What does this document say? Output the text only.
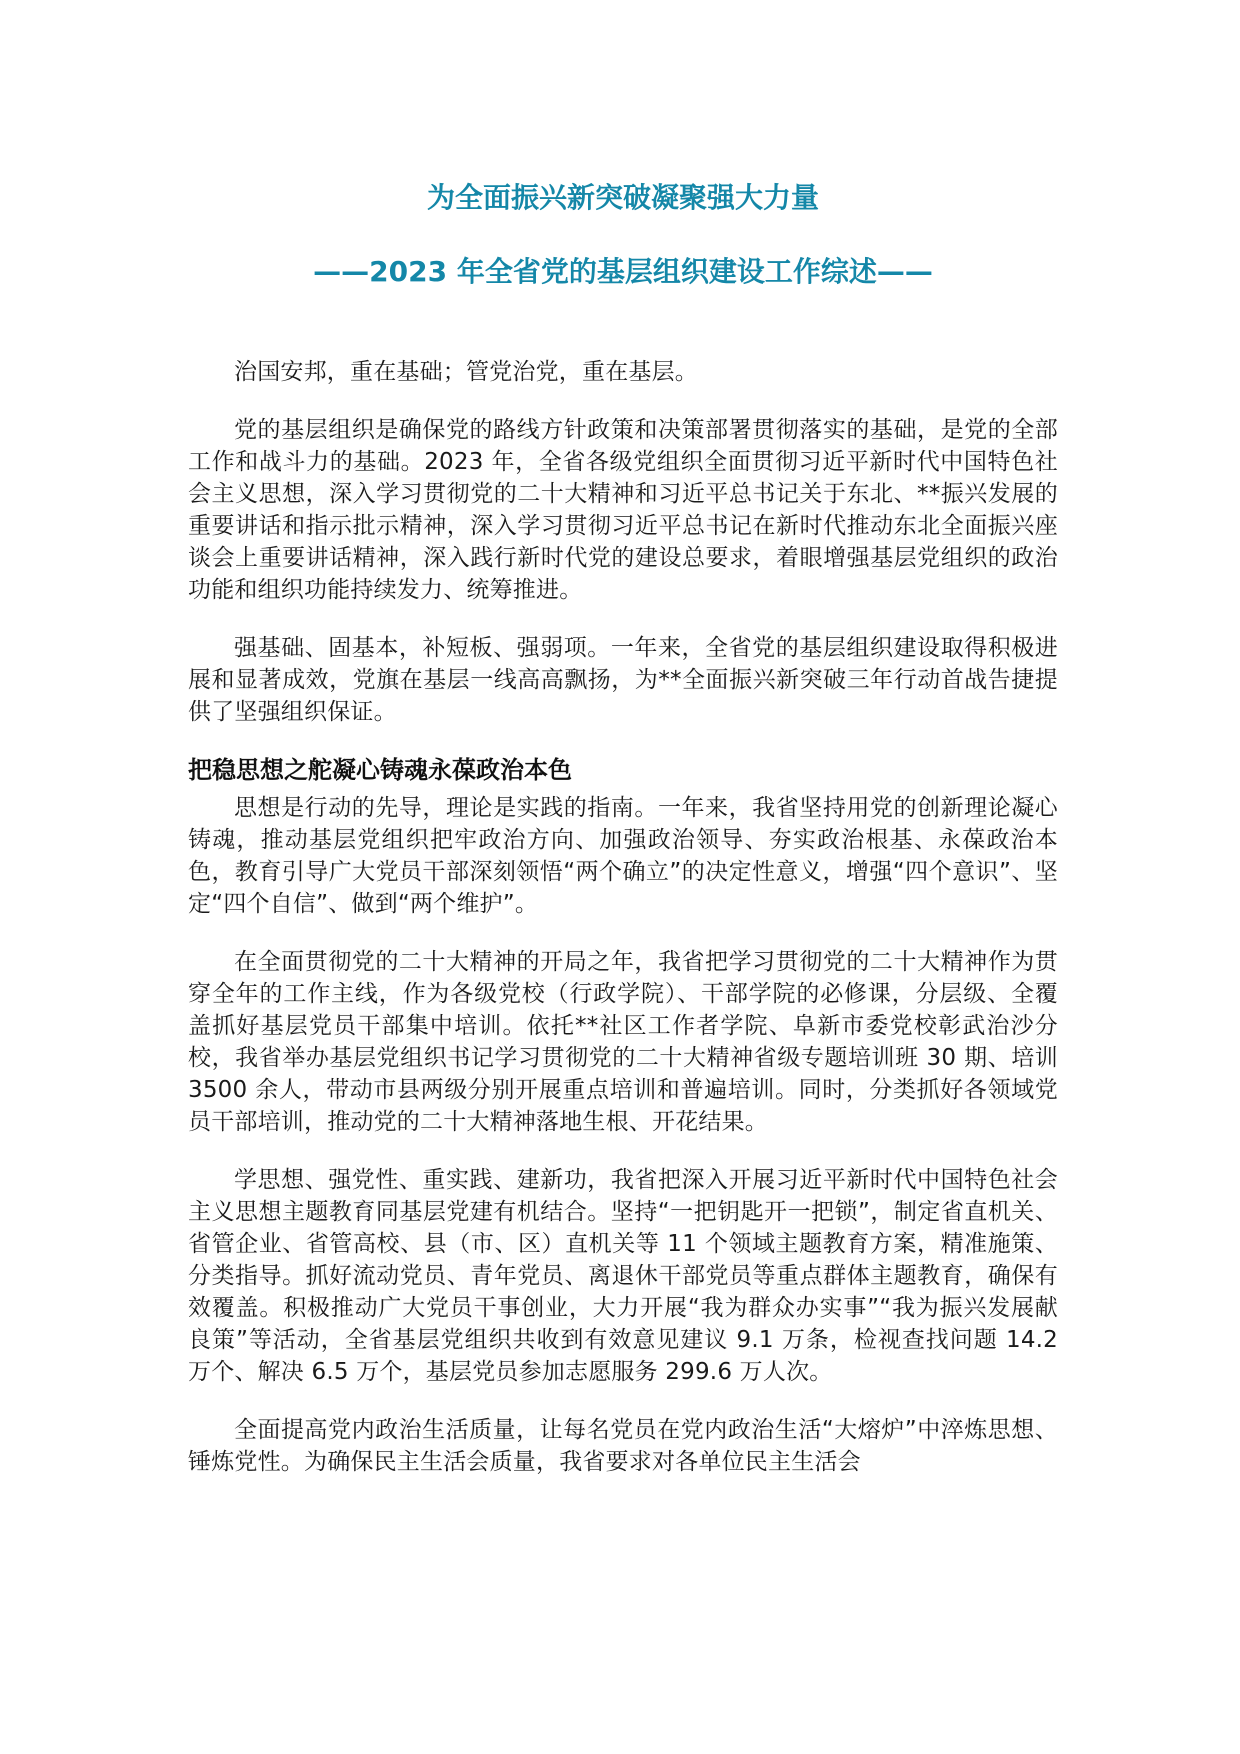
为全面振兴新突破凝聚强大力量
——2023 年全省党的基层组织建设工作综述——

治国安邦，重在基础；管党治党，重在基层。

党的基层组织是确保党的路线方针政策和决策部署贯彻落实的基础，是党的全部工作和战斗力的基础。2023 年，全省各级党组织全面贯彻习近平新时代中国特色社会主义思想，深入学习贯彻党的二十大精神和习近平总书记关于东北、**振兴发展的重要讲话和指示批示精神，深入学习贯彻习近平总书记在新时代推动东北全面振兴座谈会上重要讲话精神，深入践行新时代党的建设总要求，着眼增强基层党组织的政治功能和组织功能持续发力、统筹推进。

强基础、固基本，补短板、强弱项。一年来，全省党的基层组织建设取得积极进展和显著成效，党旗在基层一线高高飘扬，为**全面振兴新突破三年行动首战告捷提供了坚强组织保证。

把稳思想之舵凝心铸魂永葆政治本色

思想是行动的先导，理论是实践的指南。一年来，我省坚持用党的创新理论凝心铸魂，推动基层党组织把牢政治方向、加强政治领导、夯实政治根基、永葆政治本色，教育引导广大党员干部深刻领悟“两个确立”的决定性意义，增强“四个意识”、坚定“四个自信”、做到“两个维护”。

在全面贯彻党的二十大精神的开局之年，我省把学习贯彻党的二十大精神作为贯穿全年的工作主线，作为各级党校（行政学院）、干部学院的必修课，分层级、全覆盖抓好基层党员干部集中培训。依托**社区工作者学院、阜新市委党校彰武治沙分校，我省举办基层党组织书记学习贯彻党的二十大精神省级专题培训班 30 期、培训 3500 余人，带动市县两级分别开展重点培训和普遍培训。同时，分类抓好各领域党员干部培训，推动党的二十大精神落地生根、开花结果。

学思想、强党性、重实践、建新功，我省把深入开展习近平新时代中国特色社会主义思想主题教育同基层党建有机结合。坚持“一把钥匙开一把锁”，制定省直机关、省管企业、省管高校、县（市、区）直机关等 11 个领域主题教育方案，精准施策、分类指导。抓好流动党员、青年党员、离退休干部党员等重点群体主题教育，确保有效覆盖。积极推动广大党员干事创业，大力开展“我为群众办实事”“我为振兴发展献良策”等活动，全省基层党组织共收到有效意见建议 9.1 万条，检视查找问题 14.2 万个、解决 6.5 万个，基层党员参加志愿服务 299.6 万人次。

全面提高党内政治生活质量，让每名党员在党内政治生活“大熔炉”中淬炼思想、锤炼党性。为确保民主生活会质量，我省要求对各单位民主生活会
